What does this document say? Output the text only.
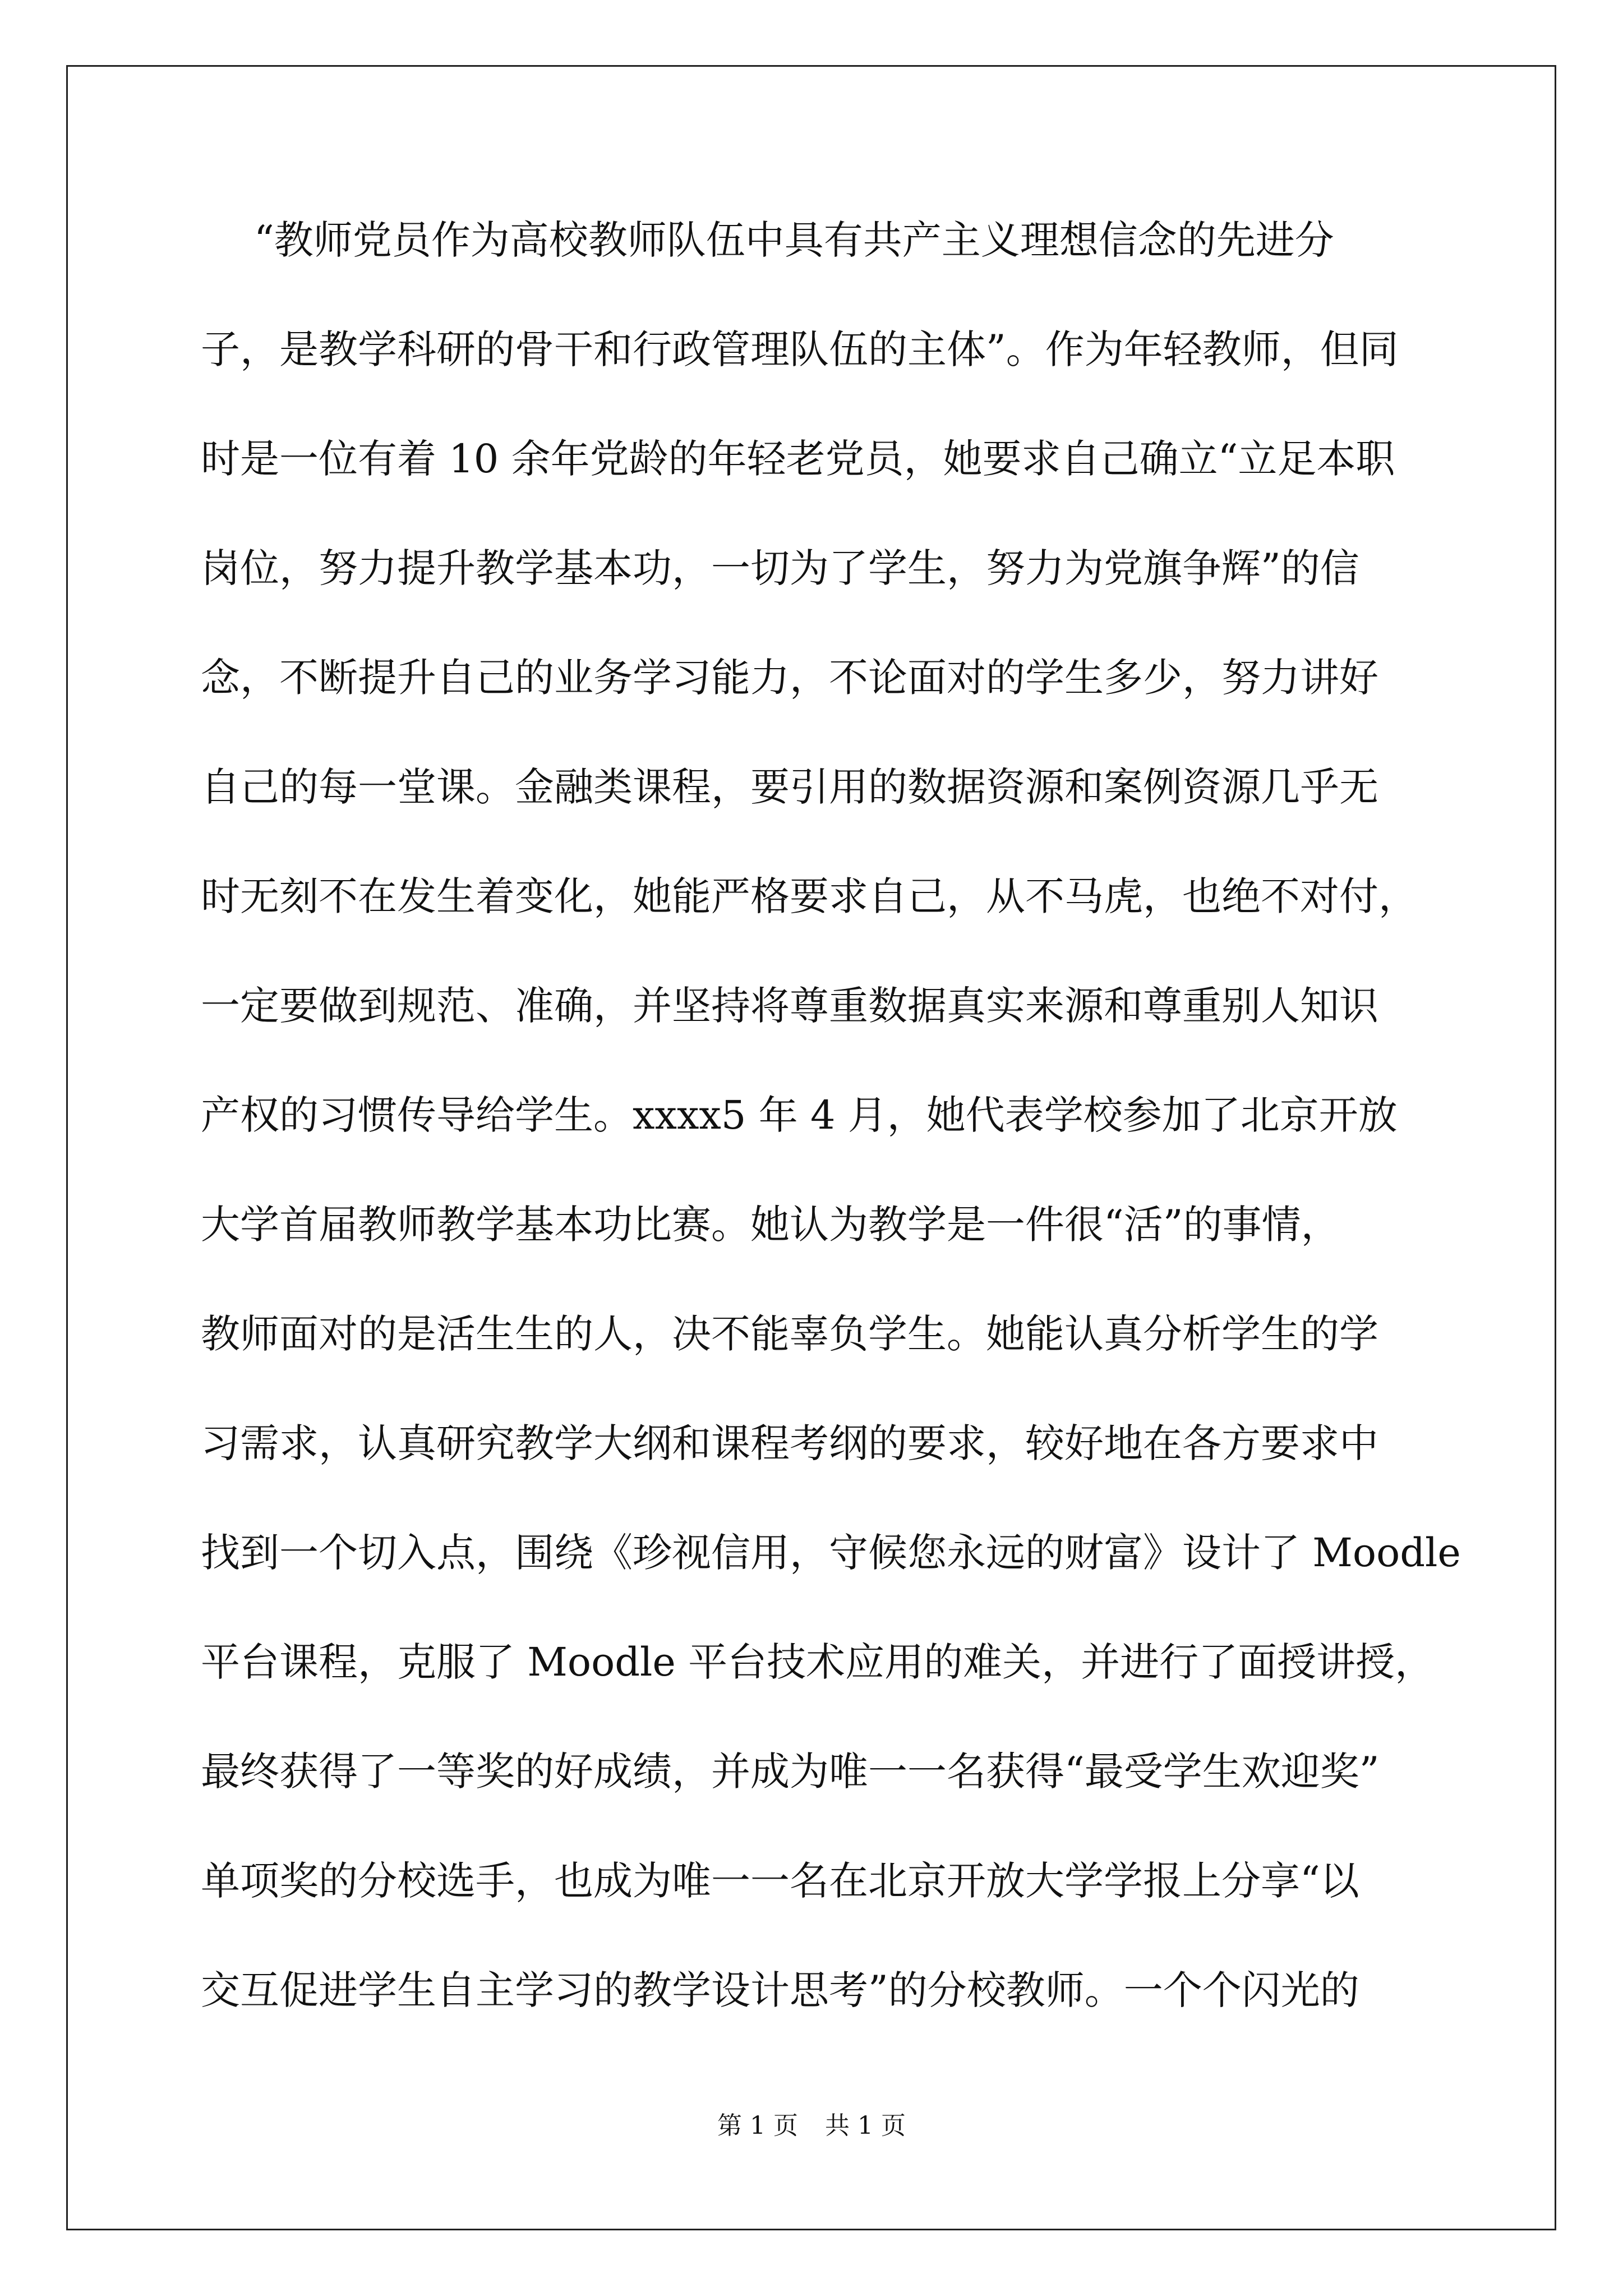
“教师党员作为高校教师队伍中具有共产主义理想信念的先进分
子，是教学科研的骨干和行政管理队伍的主体”。作为年轻教师，但同
时是一位有着 10 余年党龄的年轻老党员，她要求自己确立“立足本职
岗位，努力提升教学基本功，一切为了学生，努力为党旗争辉”的信
念，不断提升自己的业务学习能力，不论面对的学生多少，努力讲好
自己的每一堂课。金融类课程，要引用的数据资源和案例资源几乎无
时无刻不在发生着变化，她能严格要求自己，从不马虎，也绝不对付，
一定要做到规范、准确，并坚持将尊重数据真实来源和尊重别人知识
产权的习惯传导给学生。xxxx5 年 4 月，她代表学校参加了北京开放
大学首届教师教学基本功比赛。她认为教学是一件很“活”的事情，
教师面对的是活生生的人，决不能辜负学生。她能认真分析学生的学
习需求，认真研究教学大纲和课程考纲的要求，较好地在各方要求中
找到一个切入点，围绕《珍视信用，守候您永远的财富》设计了 Moodle
平台课程，克服了 Moodle 平台技术应用的难关，并进行了面授讲授，
最终获得了一等奖的好成绩，并成为唯一一名获得“最受学生欢迎奖”
单项奖的分校选手，也成为唯一一名在北京开放大学学报上分享“以
交互促进学生自主学习的教学设计思考”的分校教师。一个个闪光的
第 1 页 共 1 页
